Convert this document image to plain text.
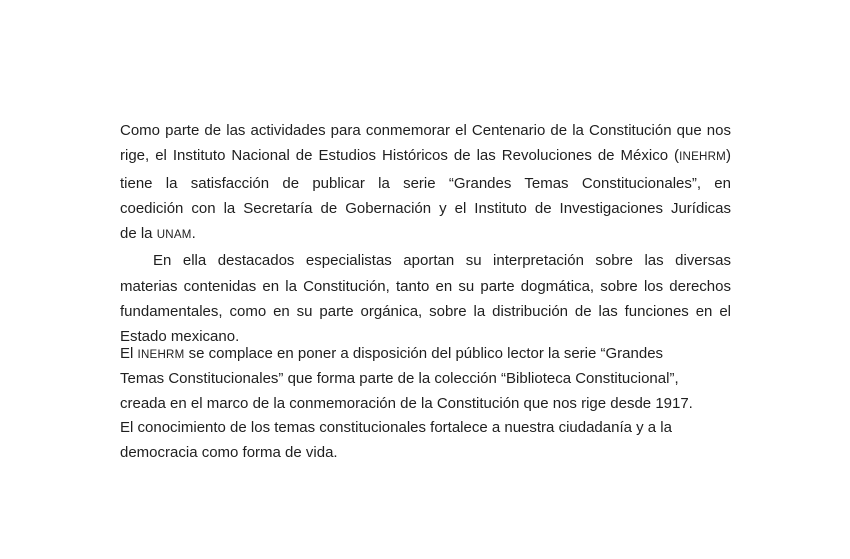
Como parte de las actividades para conmemorar el Centenario de la Constitución que nos
rige, el Instituto Nacional de Estudios Históricos de las Revoluciones de México (INEHRM)
tiene la satisfacción de publicar la serie “Grandes Temas Constitucionales”, en
coedición con la Secretaría de Gobernación y el Instituto de Investigaciones Jurídicas
de la UNAM.
En ella destacados especialistas aportan su interpretación sobre las diversas
materias contenidas en la Constitución, tanto en su parte dogmática, sobre los derechos
fundamentales, como en su parte orgánica, sobre la distribución de las funciones en el
Estado mexicano.
El INEHRM se complace en poner a disposición del público lector la serie “Grandes
Temas Constitucionales” que forma parte de la colección “Biblioteca Constitucional”,
creada en el marco de la conmemoración de la Constitución que nos rige desde 1917.
El conocimiento de los temas constitucionales fortalece a nuestra ciudadanía y a la
democracia como forma de vida.
